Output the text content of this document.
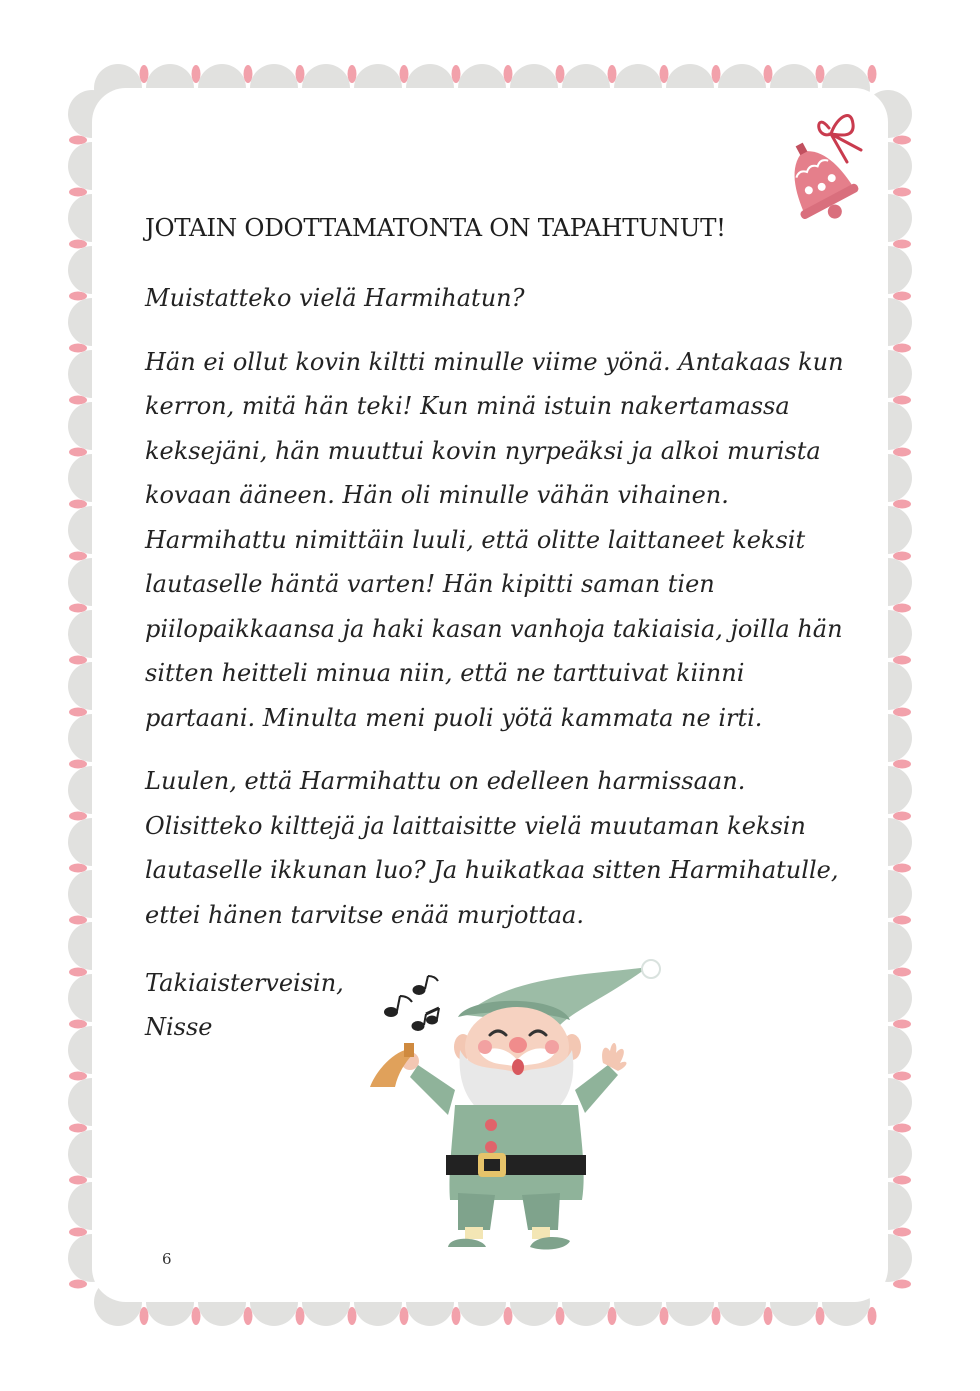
JOTAIN ODOTTAMATONTA ON TAPAHTUNUT!

Muistatteko vielä Harmihatun?

Hän ei ollut kovin kiltti minulle viime yönä. Antakaas kun kerron, mitä hän teki! Kun minä istuin nakertamassa keksejäni, hän muuttui kovin nyrpeäksi ja alkoi murista kovaan ääneen. Hän oli minulle vähän vihainen. Harmihattu nimittäin luuli, että olitte laittaneet keksit lautaselle häntä varten! Hän kipitti saman tien piilopaikkaansa ja haki kasan vanhoja takiaisia, joilla hän sitten heitteli minua niin, että ne tarttuivat kiinni partaani. Minulta meni puoli yötä kammata ne irti.

Luulen, että Harmihattu on edelleen harmissaan. Olisitteko kilttejä ja laittaisitte vielä muutaman keksin lautaselle ikkunan luo? Ja huikatkaa sitten Harmihatulle, ettei hänen tarvitse enää murjottaa.

Takiaisterveisin,

Nisse

6
